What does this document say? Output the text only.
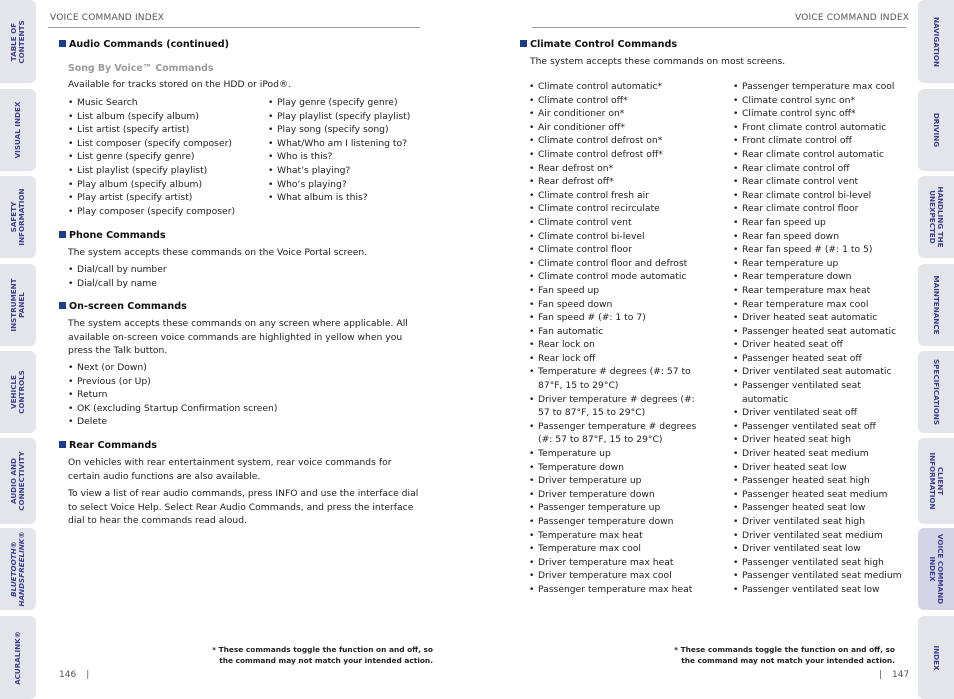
TABLE OF CONTENTS
VISUAL INDEX
SAFETY INFORMATION
INSTRUMENT PANEL
VEHICLE CONTROLS
AUDIO AND CONNECTIVITY
BLUETOOTH® HANDSFREELINK®
ACURALINK®
NAVIGATION
DRIVING
HANDLING THE UNEXPECTED
MAINTENANCE
SPECIFICATIONS
CLIENT INFORMATION
VOICE COMMAND INDEX
INDEX
VOICE COMMAND INDEX
Audio Commands (continued)
Song By Voice™ Commands
Available for tracks stored on the HDD or iPod®.
• Music Search
• List album (specify album)
• List artist (specify artist)
• List composer (specify composer)
• List genre (specify genre)
• List playlist (specify playlist)
• Play album (specify album)
• Play artist (specify artist)
• Play composer (specify composer)
• Play genre (specify genre)
• Play playlist (specify playlist)
• Play song (specify song)
• What/Who am I listening to?
• Who is this?
• What’s playing?
• Who’s playing?
• What album is this?
Phone Commands
The system accepts these commands on the Voice Portal screen.
• Dial/call by number
• Dial/call by name
On-screen Commands
The system accepts these commands on any screen where applicable. All available on-screen voice commands are highlighted in yellow when you press the Talk button.
• Next (or Down)
• Previous (or Up)
• Return
• OK (excluding Startup Confirmation screen)
• Delete
Rear Commands
On vehicles with rear entertainment system, rear voice commands for certain audio functions are also available.
To view a list of rear audio commands, press INFO and use the interface dial to select Voice Help. Select Rear Audio Commands, and press the interface dial to hear the commands read aloud.
* These commands toggle the function on and off, so the command may not match your intended action.
146 |
VOICE COMMAND INDEX
Climate Control Commands
The system accepts these commands on most screens.
• Climate control automatic*
• Climate control off*
• Air conditioner on*
• Air conditioner off*
• Climate control defrost on*
• Climate control defrost off*
• Rear defrost on*
• Rear defrost off*
• Climate control fresh air
• Climate control recirculate
• Climate control vent
• Climate control bi-level
• Climate control floor
• Climate control floor and defrost
• Climate control mode automatic
• Fan speed up
• Fan speed down
• Fan speed # (#: 1 to 7)
• Fan automatic
• Rear lock on
• Rear lock off
• Temperature # degrees (#: 57 to 87°F, 15 to 29°C)
• Driver temperature # degrees (#: 57 to 87°F, 15 to 29°C)
• Passenger temperature # degrees (#: 57 to 87°F, 15 to 29°C)
• Temperature up
• Temperature down
• Driver temperature up
• Driver temperature down
• Passenger temperature up
• Passenger temperature down
• Temperature max heat
• Temperature max cool
• Driver temperature max heat
• Driver temperature max cool
• Passenger temperature max heat
• Passenger temperature max cool
• Climate control sync on*
• Climate control sync off*
• Front climate control automatic
• Front climate control off
• Rear climate control automatic
• Rear climate control off
• Rear climate control vent
• Rear climate control bi-level
• Rear climate control floor
• Rear fan speed up
• Rear fan speed down
• Rear fan speed # (#: 1 to 5)
• Rear temperature up
• Rear temperature down
• Rear temperature max heat
• Rear temperature max cool
• Driver heated seat automatic
• Passenger heated seat automatic
• Driver heated seat off
• Passenger heated seat off
• Driver ventilated seat automatic
• Passenger ventilated seat automatic
• Driver ventilated seat off
• Passenger ventilated seat off
• Driver heated seat high
• Driver heated seat medium
• Driver heated seat low
• Passenger heated seat high
• Passenger heated seat medium
• Passenger heated seat low
• Driver ventilated seat high
• Driver ventilated seat medium
• Driver ventilated seat low
• Passenger ventilated seat high
• Passenger ventilated seat medium
• Passenger ventilated seat low
* These commands toggle the function on and off, so the command may not match your intended action.
| 147
